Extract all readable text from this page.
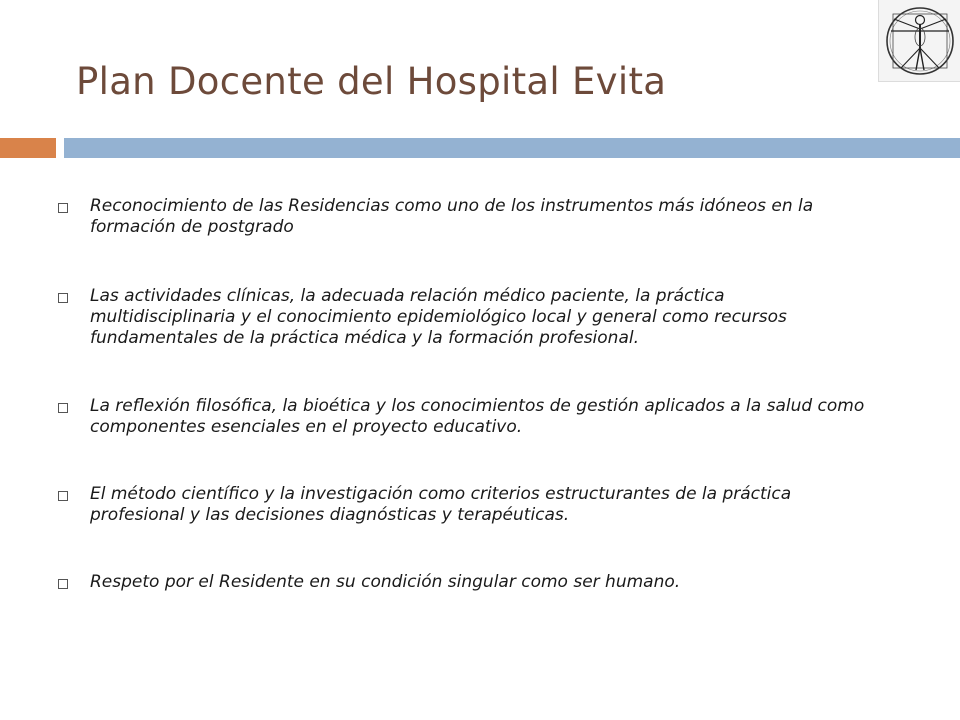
Plan Docente del Hospital Evita
Reconocimiento de las Residencias como uno de los instrumentos más idóneos en la formación de postgrado
Las actividades clínicas, la adecuada relación médico paciente, la práctica multidisciplinaria y el conocimiento epidemiológico local y general como recursos fundamentales de la práctica médica y la formación profesional.
La reflexión filosófica, la bioética y los conocimientos de gestión aplicados a la salud como componentes esenciales en el proyecto educativo.
El método científico y la investigación como criterios estructurantes de la práctica profesional y las decisiones diagnósticas y terapéuticas.
Respeto por el Residente en su condición singular como ser humano.
